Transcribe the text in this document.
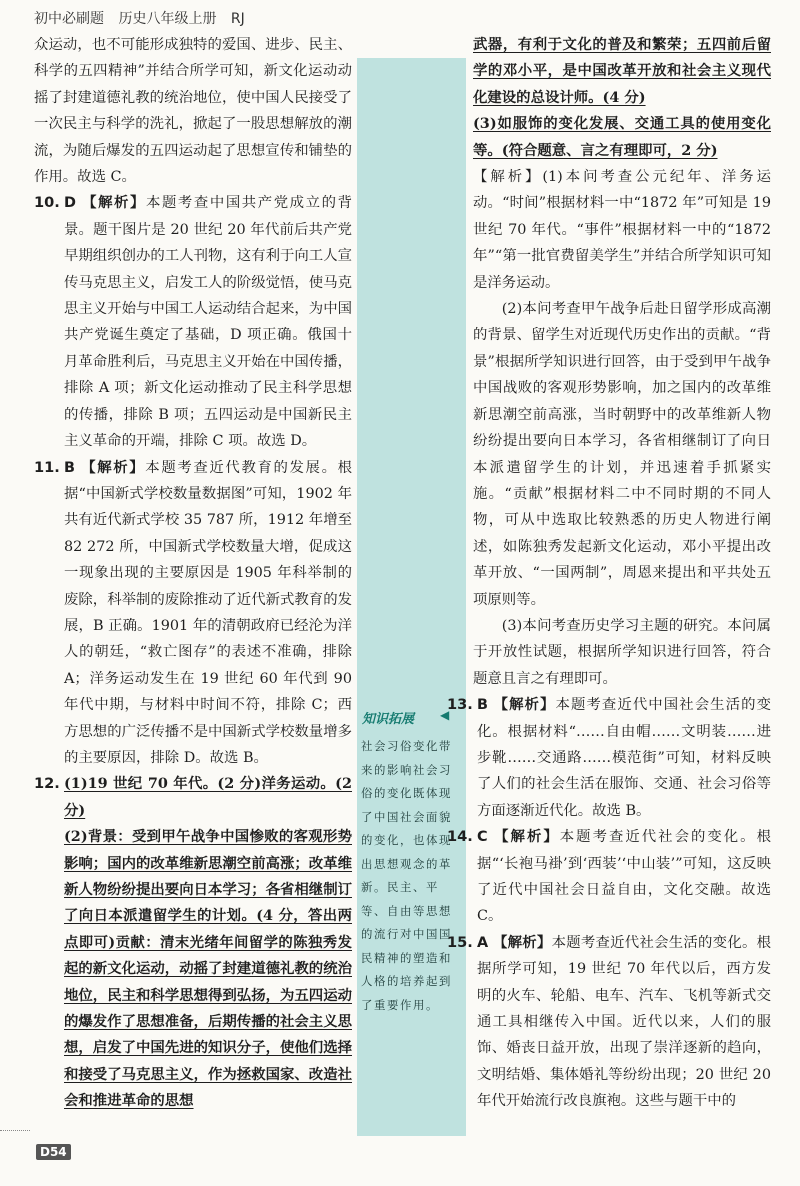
初中必刷题 历史八年级上册 RJ

众运动，也不可能形成独特的爱国、进步、民主、科学的五四精神”并结合所学可知，新文化运动动摇了封建道德礼教的统治地位，使中国人民接受了一次民主与科学的洗礼，掀起了一股思想解放的潮流，为随后爆发的五四运动起了思想宣传和铺垫的作用。故选 C。

10. D 【解析】本题考查中国共产党成立的背景。题干图片是 20 世纪 20 年代前后共产党早期组织创办的工人刊物，这有利于向工人宣传马克思主义，启发工人的阶级觉悟，使马克思主义开始与中国工人运动结合起来，为中国共产党诞生奠定了基础，D 项正确。俄国十月革命胜利后，马克思主义开始在中国传播，排除 A 项；新文化运动推动了民主科学思想的传播，排除 B 项；五四运动是中国新民主主义革命的开端，排除 C 项。故选 D。
11. B 【解析】本题考查近代教育的发展。根据“中国新式学校数量数据图”可知，1902 年共有近代新式学校 35 787 所，1912 年增至 82 272 所，中国新式学校数量大增，促成这一现象出现的主要原因是 1905 年科举制的废除，科举制的废除推动了近代新式教育的发展，B 正确。1901 年的清朝政府已经沦为洋人的朝廷，“救亡图存”的表述不准确，排除 A；洋务运动发生在 19 世纪 60 年代到 90 年代中期，与材料中时间不符，排除 C；西方思想的广泛传播不是中国新式学校数量增多的主要原因，排除 D。故选 B。
12. (1)19 世纪 70 年代。(2 分)洋务运动。(2 分)

(2)背景：受到甲午战争中国惨败的客观形势影响；国内的改革维新思潮空前高涨；改革维新人物纷纷提出要向日本学习；各省相继制订了向日本派遣留学生的计划。(4 分，答出两点即可)贡献：清末光绪年间留学的陈独秀发起的新文化运动，动摇了封建道德礼教的统治地位，民主和科学思想得到弘扬，为五四运动的爆发作了思想准备，后期传播的社会主义思想，启发了中国先进的知识分子，使他们选择和接受了马克思主义，作为拯救国家、改造社会和推进革命的思想

知识拓展 ◀
社会习俗变化带来的影响社会习俗的变化既体现了中国社会面貌的变化，也体现出思想观念的革新。民主、平等、自由等思想的流行对中国国民精神的塑造和人格的培养起到了重要作用。

武器，有利于文化的普及和繁荣；五四前后留学的邓小平，是中国改革开放和社会主义现代化建设的总设计师。(4 分)

(3)如服饰的变化发展、交通工具的使用变化等。(符合题意、言之有理即可，2 分)

【解析】(1)本问考查公元纪年、洋务运动。“时间”根据材料一中“1872 年”可知是 19 世纪 70 年代。“事件”根据材料一中的“1872 年”“第一批官费留美学生”并结合所学知识可知是洋务运动。

(2)本问考查甲午战争后赴日留学形成高潮的背景、留学生对近现代历史作出的贡献。“背景”根据所学知识进行回答，由于受到甲午战争中国战败的客观形势影响，加之国内的改革维新思潮空前高涨，当时朝野中的改革维新人物纷纷提出要向日本学习，各省相继制订了向日本派遣留学生的计划，并迅速着手抓紧实施。“贡献”根据材料二中不同时期的不同人物，可从中选取比较熟悉的历史人物进行阐述，如陈独秀发起新文化运动，邓小平提出改革开放、“一国两制”，周恩来提出和平共处五项原则等。

(3)本问考查历史学习主题的研究。本问属于开放性试题，根据所学知识进行回答，符合题意且言之有理即可。

13. B 【解析】本题考查近代中国社会生活的变化。根据材料“……自由帽……文明装……进步靴……交通路……模范街”可知，材料反映了人们的社会生活在服饰、交通、社会习俗等方面逐渐近代化。故选 B。
14. C 【解析】本题考查近代社会的变化。根据“‘长袍马褂’到‘西装’‘中山装’”可知，这反映了近代中国社会日益自由，文化交融。故选 C。
15. A 【解析】本题考查近代社会生活的变化。根据所学可知，19 世纪 70 年代以后，西方发明的火车、轮船、电车、汽车、飞机等新式交通工具相继传入中国。近代以来，人们的服饰、婚丧日益开放，出现了崇洋逐新的趋向，文明结婚、集体婚礼等纷纷出现；20 世纪 20 年代开始流行改良旗袍。这些与题干中的
D54
